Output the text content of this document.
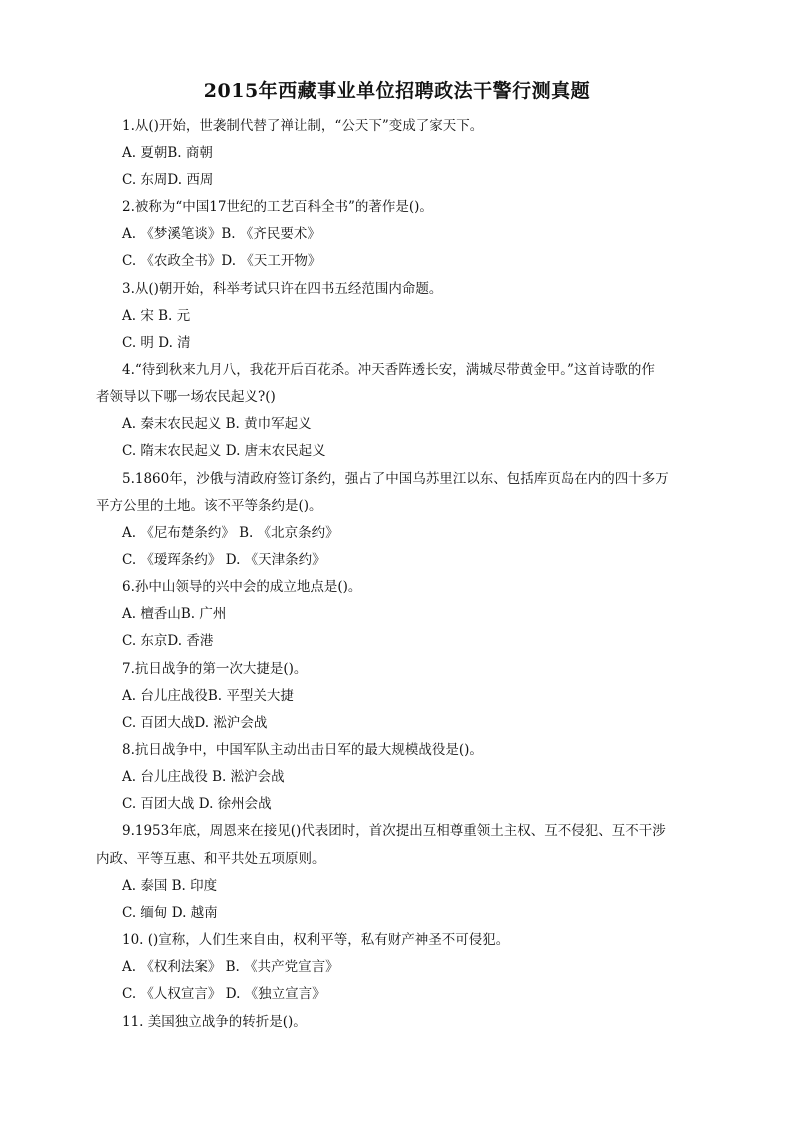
2015年西藏事业单位招聘政法干警行测真题
1.从()开始，世袭制代替了禅让制，“公天下”变成了家天下。
A. 夏朝B. 商朝
C. 东周D. 西周
2.被称为“中国17世纪的工艺百科全书”的著作是()。
A. 《梦溪笔谈》B. 《齐民要术》
C. 《农政全书》D. 《天工开物》
3.从()朝开始，科举考试只许在四书五经范围内命题。
A. 宋 B. 元
C. 明 D. 清
4.“待到秋来九月八，我花开后百花杀。冲天香阵透长安，满城尽带黄金甲。”这首诗歌的作
者领导以下哪一场农民起义?()
A. 秦末农民起义 B. 黄巾军起义
C. 隋末农民起义 D. 唐末农民起义
5.1860年，沙俄与清政府签订条约，强占了中国乌苏里江以东、包括库页岛在内的四十多万
平方公里的土地。该不平等条约是()。
A. 《尼布楚条约》 B. 《北京条约》
C. 《瑷珲条约》 D. 《天津条约》
6.孙中山领导的兴中会的成立地点是()。
A. 檀香山B. 广州
C. 东京D. 香港
7.抗日战争的第一次大捷是()。
A. 台儿庄战役B. 平型关大捷
C. 百团大战D. 淞沪会战
8.抗日战争中，中国军队主动出击日军的最大规模战役是()。
A. 台儿庄战役 B. 淞沪会战
C. 百团大战 D. 徐州会战
9.1953年底，周恩来在接见()代表团时，首次提出互相尊重领土主权、互不侵犯、互不干涉
内政、平等互惠、和平共处五项原则。
A. 泰国 B. 印度
C. 缅甸 D. 越南
10. ()宣称，人们生来自由，权利平等，私有财产神圣不可侵犯。
A. 《权利法案》 B. 《共产党宣言》
C. 《人权宣言》 D. 《独立宣言》
11. 美国独立战争的转折是()。
